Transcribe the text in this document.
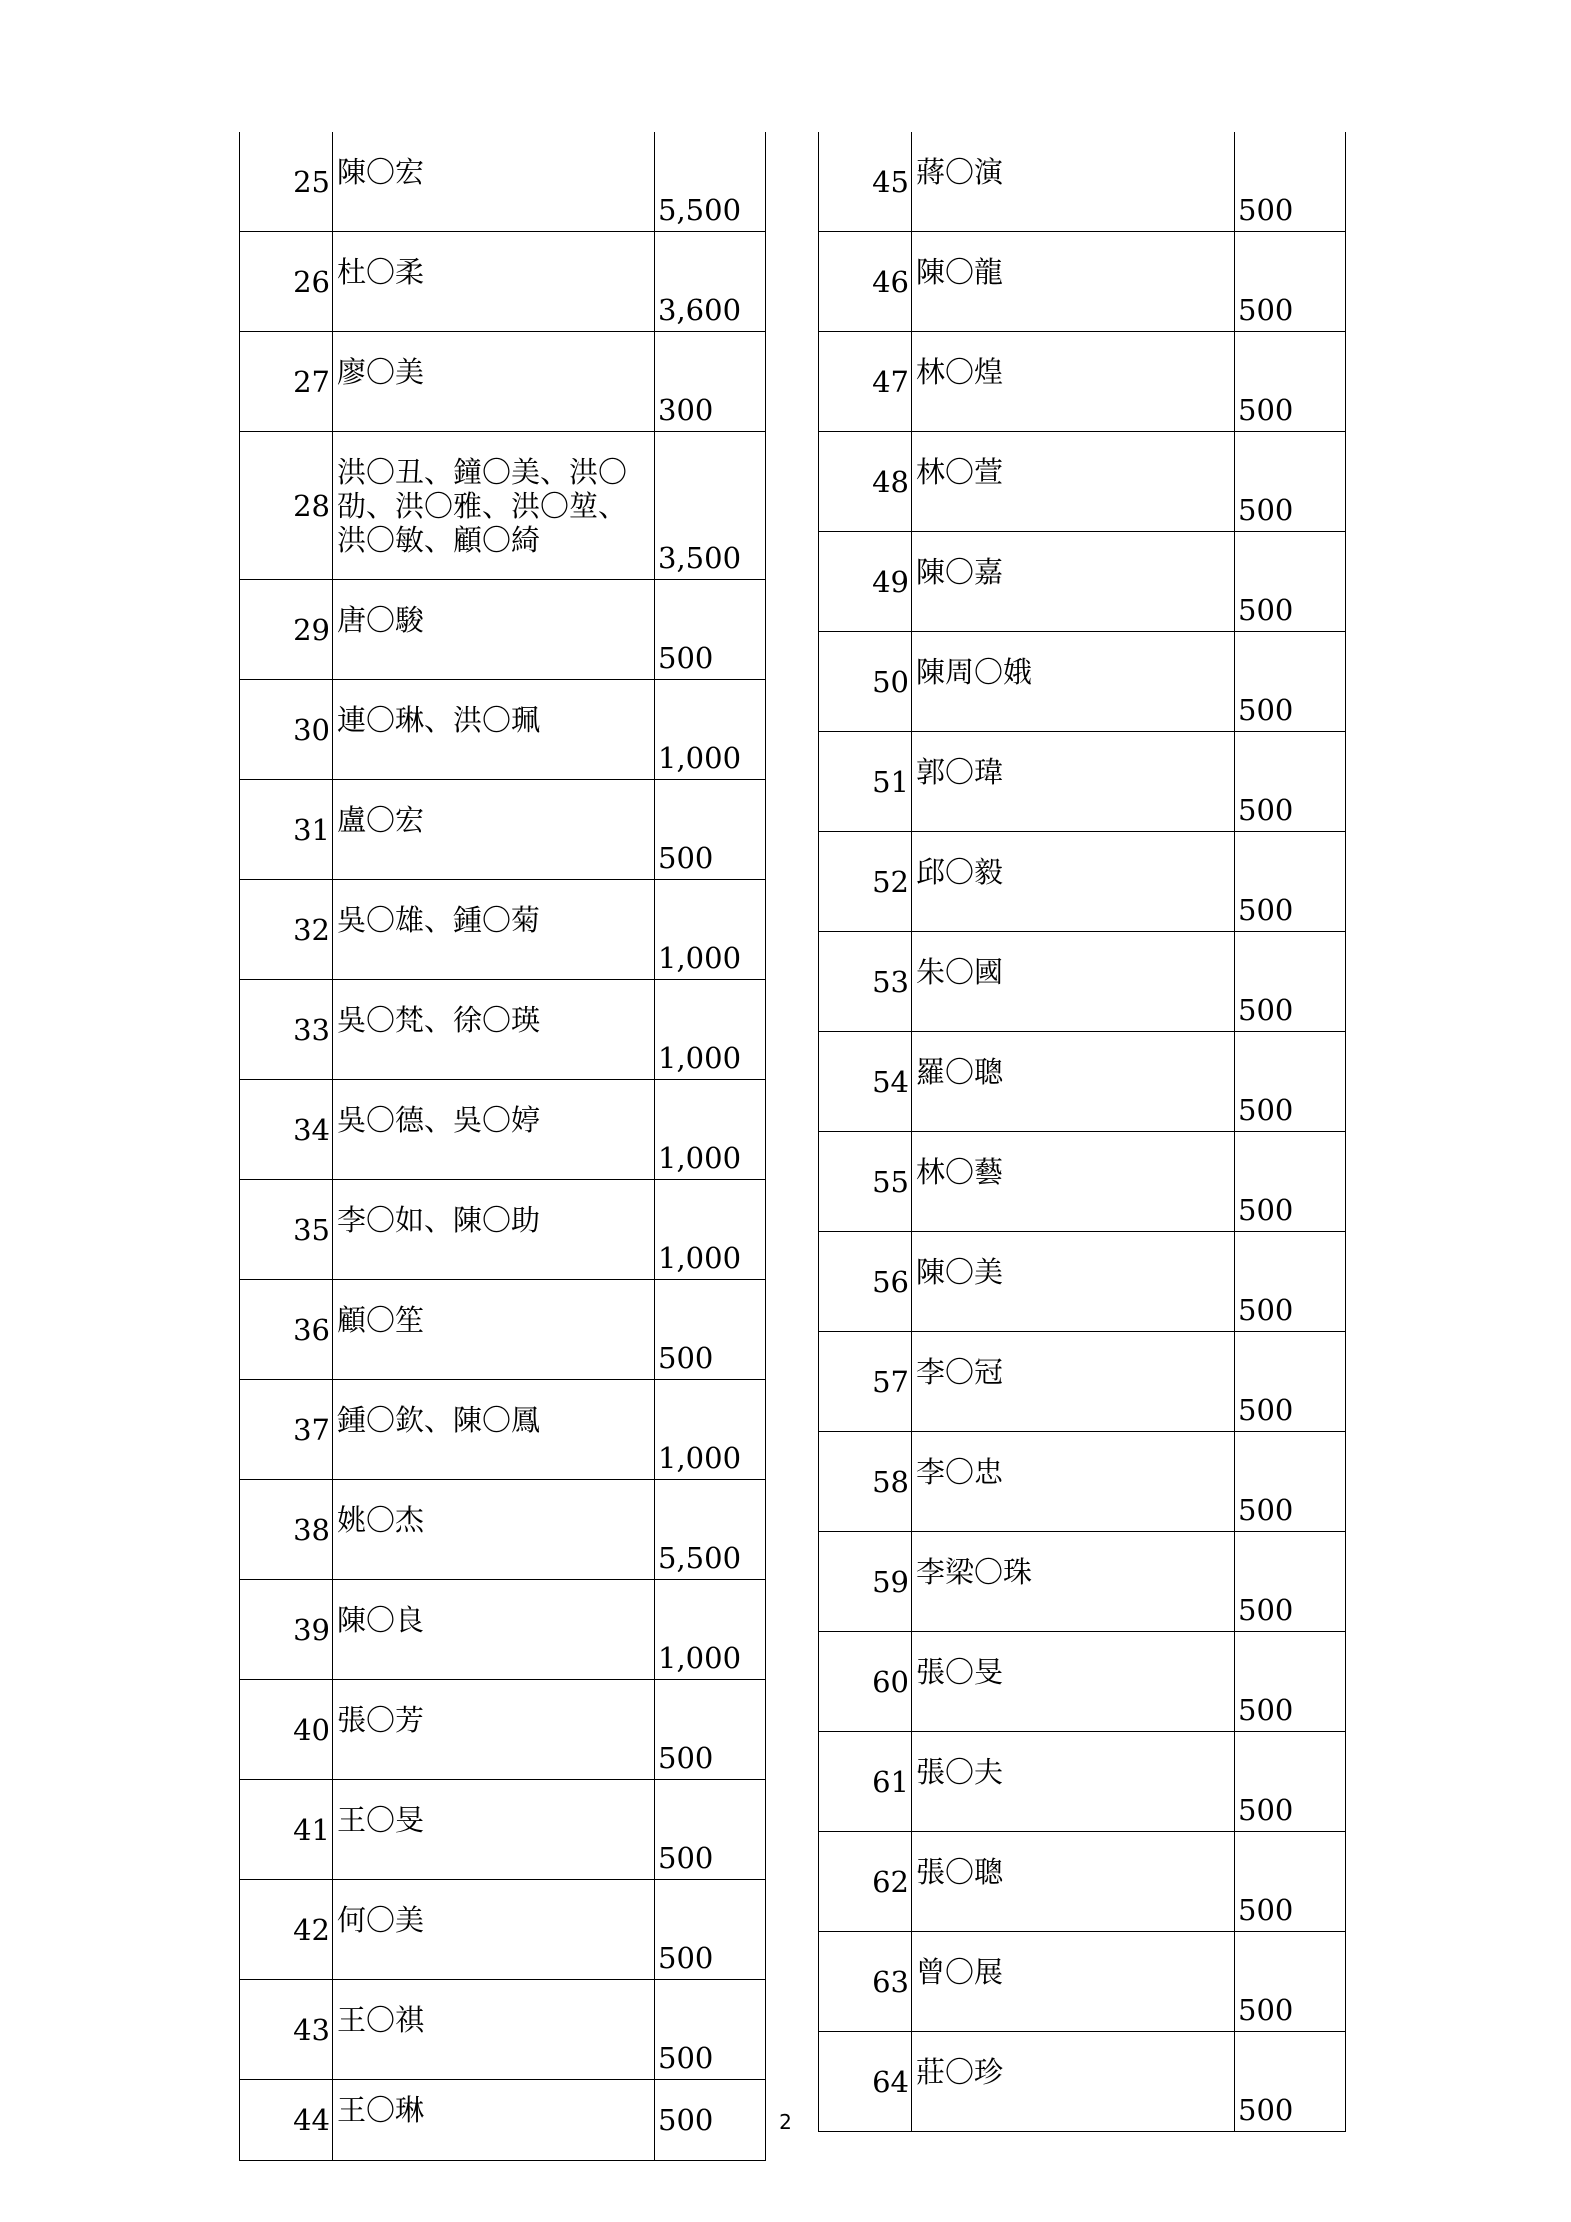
25	陳〇宏	5,500
26	杜〇柔	3,600
27	廖〇美	300
28	洪〇丑、鐘〇美、洪〇劭、洪〇雅、洪〇堃、洪〇敏、顧〇綺	3,500
29	唐〇駿	500
30	連〇琳、洪〇珮	1,000
31	盧〇宏	500
32	吳〇雄、鍾〇菊	1,000
33	吳〇梵、徐〇瑛	1,000
34	吳〇德、吳〇婷	1,000
35	李〇如、陳〇助	1,000
36	顧〇笙	500
37	鍾〇欽、陳〇鳳	1,000
38	姚〇杰	5,500
39	陳〇良	1,000
40	張〇芳	500
41	王〇旻	500
42	何〇美	500
43	王〇祺	500
44	王〇琳	500
45	蔣〇演	500
46	陳〇龍	500
47	林〇煌	500
48	林〇萱	500
49	陳〇嘉	500
50	陳周〇娥	500
51	郭〇瑋	500
52	邱〇毅	500
53	朱〇國	500
54	羅〇聰	500
55	林〇藝	500
56	陳〇美	500
57	李〇冠	500
58	李〇忠	500
59	李梁〇珠	500
60	張〇旻	500
61	張〇夫	500
62	張〇聰	500
63	曾〇展	500
64	莊〇珍	500
2
